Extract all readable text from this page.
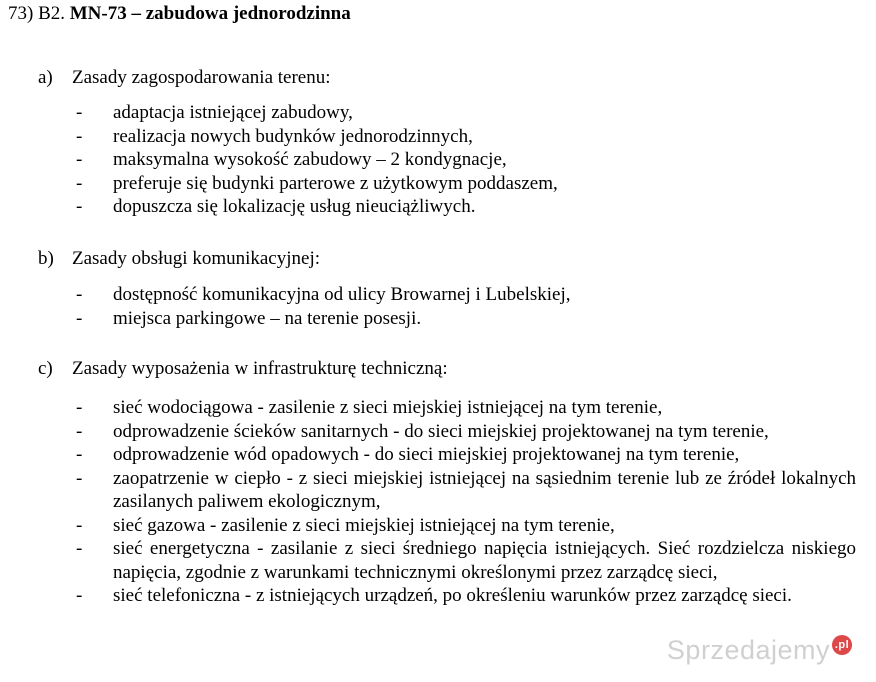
73) B2. MN-73 – zabudowa jednorodzinna
a) Zasady zagospodarowania terenu:
- adaptacja istniejącej zabudowy,
- realizacja nowych budynków jednorodzinnych,
- maksymalna wysokość zabudowy – 2 kondygnacje,
- preferuje się budynki parterowe z użytkowym poddaszem,
- dopuszcza się lokalizację usług nieuciążliwych.
b) Zasady obsługi komunikacyjnej:
- dostępność komunikacyjna od ulicy Browarnej i Lubelskiej,
- miejsca parkingowe – na terenie posesji.
c) Zasady wyposażenia w infrastrukturę techniczną:
- sieć wodociągowa - zasilenie z sieci miejskiej istniejącej na tym terenie,
- odprowadzenie ścieków sanitarnych - do sieci miejskiej projektowanej na tym terenie,
- odprowadzenie wód opadowych - do sieci miejskiej projektowanej na tym terenie,
- zaopatrzenie w ciepło - z sieci miejskiej istniejącej na sąsiednim terenie lub ze źródeł lokalnych zasilanych paliwem ekologicznym,
- sieć gazowa - zasilenie z sieci miejskiej istniejącej na tym terenie,
- sieć energetyczna - zasilanie z sieci średniego napięcia istniejących. Sieć rozdzielcza niskiego napięcia, zgodnie z warunkami technicznymi określonymi przez zarządcę sieci,
- sieć telefoniczna - z istniejących urządzeń, po określeniu warunków przez zarządcę sieci.
Sprzedajemy .pl
